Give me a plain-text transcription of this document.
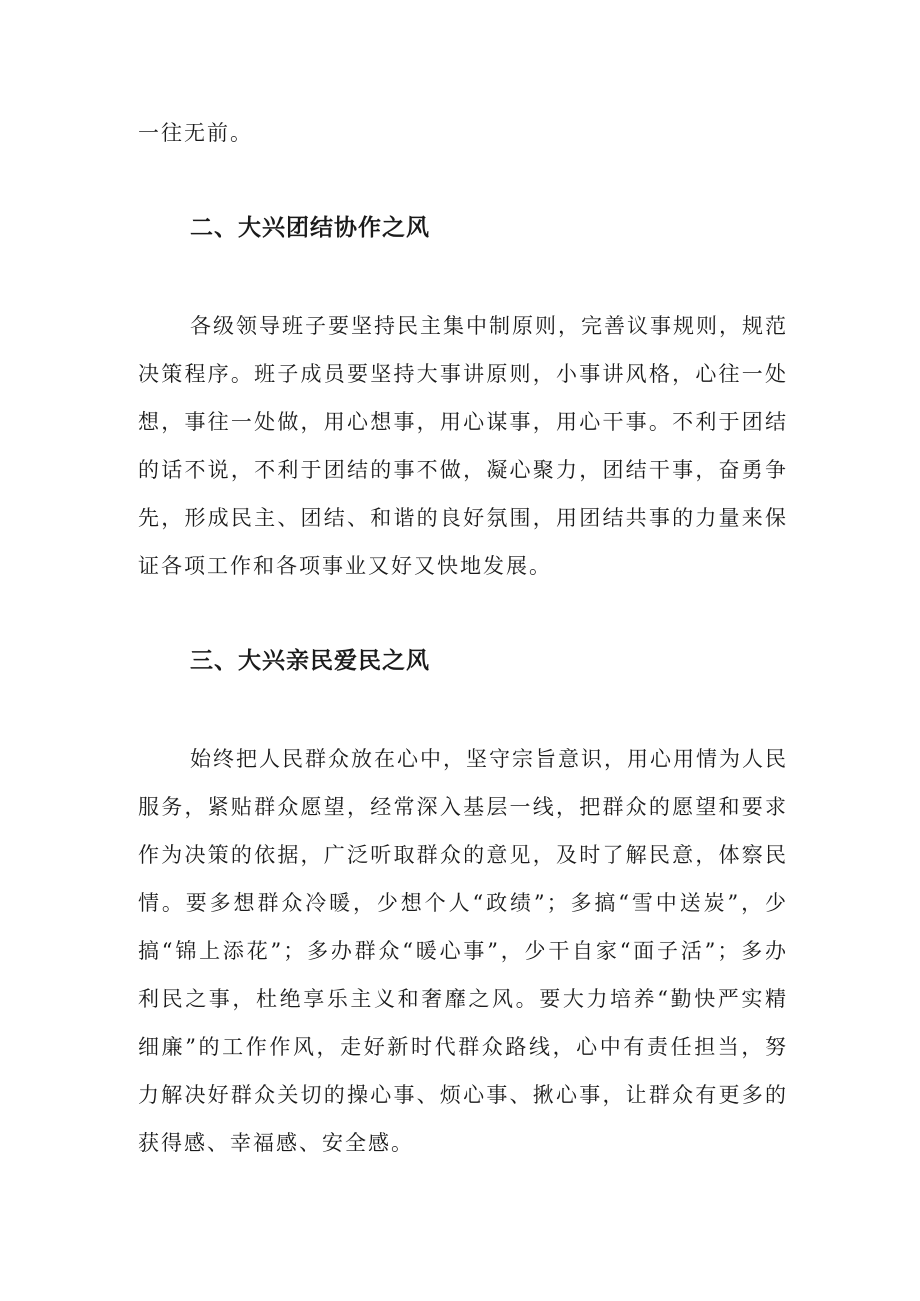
一往无前。
二、大兴团结协作之风
各级领导班子要坚持民主集中制原则，完善议事规则，规范决策程序。班子成员要坚持大事讲原则，小事讲风格，心往一处想，事往一处做，用心想事，用心谋事，用心干事。不利于团结的话不说，不利于团结的事不做，凝心聚力，团结干事，奋勇争先，形成民主、团结、和谐的良好氛围，用团结共事的力量来保证各项工作和各项事业又好又快地发展。
三、大兴亲民爱民之风
始终把人民群众放在心中，坚守宗旨意识，用心用情为人民服务，紧贴群众愿望，经常深入基层一线，把群众的愿望和要求作为决策的依据，广泛听取群众的意见，及时了解民意，体察民情。要多想群众冷暖，少想个人“政绩”；多搞“雪中送炭”，少搞“锦上添花”；多办群众“暖心事”，少干自家“面子活”；多办利民之事，杜绝享乐主义和奢靡之风。要大力培养“勤快严实精细廉”的工作作风，走好新时代群众路线，心中有责任担当，努力解决好群众关切的操心事、烦心事、揪心事，让群众有更多的获得感、幸福感、安全感。
